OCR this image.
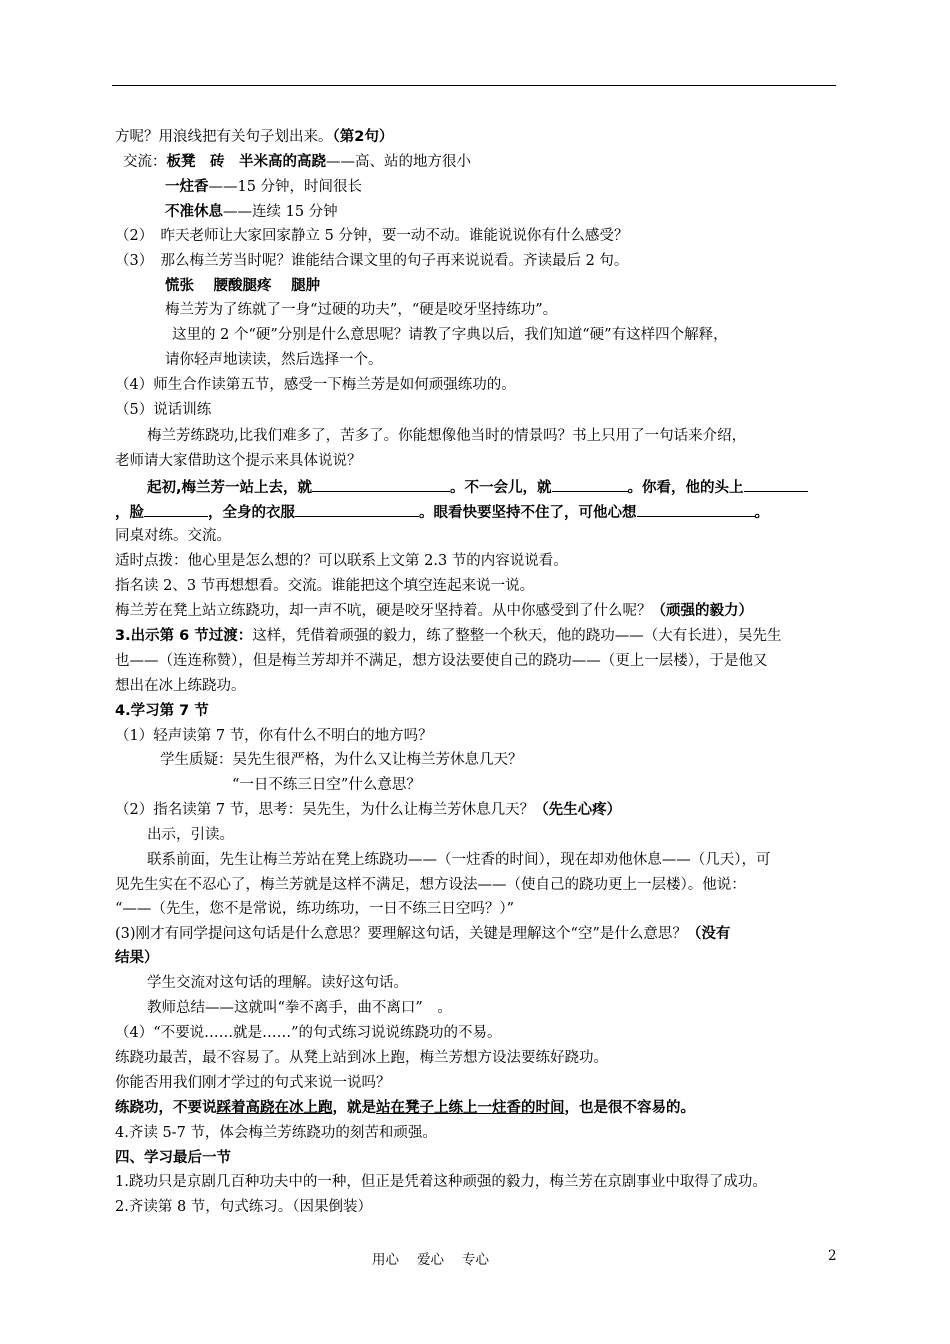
方呢？用浪线把有关句子划出来。（第2句）
交流：板凳　砖　半米高的高跷——高、站的地方很小
一炷香——15 分钟，时间很长
不准休息——连续 15 分钟
（2）　昨天老师让大家回家静立 5 分钟，要一动不动。谁能说说你有什么感受？
（3）　那么梅兰芳当时呢？谁能结合课文里的句子再来说说看。齐读最后 2 句。
慌张　 腰酸腿疼　 腿肿
梅兰芳为了练就了一身“过硬的功夫”，“硬是咬牙坚持练功”。
这里的 2 个“硬”分别是什么意思呢？请教了字典以后，我们知道“硬”有这样四个解释，
请你轻声地读读，然后选择一个。
（4）师生合作读第五节，感受一下梅兰芳是如何顽强练功的。
（5）说话训练
梅兰芳练跷功,比我们难多了，苦多了。你能想像他当时的情景吗？书上只用了一句话来介绍，
老师请大家借助这个提示来具体说说？
起初,梅兰芳一站上去，就	。不一会儿，就	。你看，他的头上
，脸	，全身的衣服	。眼看快要坚持不住了，可他心想	。
同桌对练。交流。
适时点拨：他心里是怎么想的？可以联系上文第 2.3 节的内容说说看。
指名读 2、3 节再想想看。交流。谁能把这个填空连起来说一说。
梅兰芳在凳上站立练跷功，却一声不吭，硬是咬牙坚持着。从中你感受到了什么呢？（顽强的毅力）
3.出示第 6 节过渡：这样，凭借着顽强的毅力，练了整整一个秋天，他的跷功——（大有长进），吴先生
也——（连连称赞），但是梅兰芳却并不满足，想方设法要使自己的跷功——（更上一层楼），于是他又
想出在冰上练跷功。
4.学习第 7 节
（1）轻声读第 7 节，你有什么不明白的地方吗？
学生质疑：吴先生很严格，为什么又让梅兰芳休息几天？
“一日不练三日空”什么意思？
（2）指名读第 7 节，思考：吴先生，为什么让梅兰芳休息几天？（先生心疼）
出示，引读。
联系前面，先生让梅兰芳站在凳上练跷功——（一炷香的时间），现在却劝他休息——（几天），可
见先生实在不忍心了，梅兰芳就是这样不满足，想方设法——（使自己的跷功更上一层楼）。他说：
“——（先生，您不是常说，练功练功，一日不练三日空吗？）”
(3)刚才有同学提问这句话是什么意思？要理解这句话，关键是理解这个“空”是什么意思？（没有
结果）
学生交流对这句话的理解。读好这句话。
教师总结——这就叫“拳不离手，曲不离口”　。
（4）“不要说……就是……”的句式练习说说练跷功的不易。
练跷功最苦，最不容易了。从凳上站到冰上跑，梅兰芳想方设法要练好跷功。
你能否用我们刚才学过的句式来说一说吗？
练跷功，不要说踩着高跷在冰上跑，就是站在凳子上练上一炷香的时间，也是很不容易的。
4.齐读 5-7 节，体会梅兰芳练跷功的刻苦和顽强。
四、学习最后一节
1.跷功只是京剧几百种功夫中的一种，但正是凭着这种顽强的毅力，梅兰芳在京剧事业中取得了成功。
2.齐读第 8 节，句式练习。（因果倒装）
用心 爱心 专心	2
